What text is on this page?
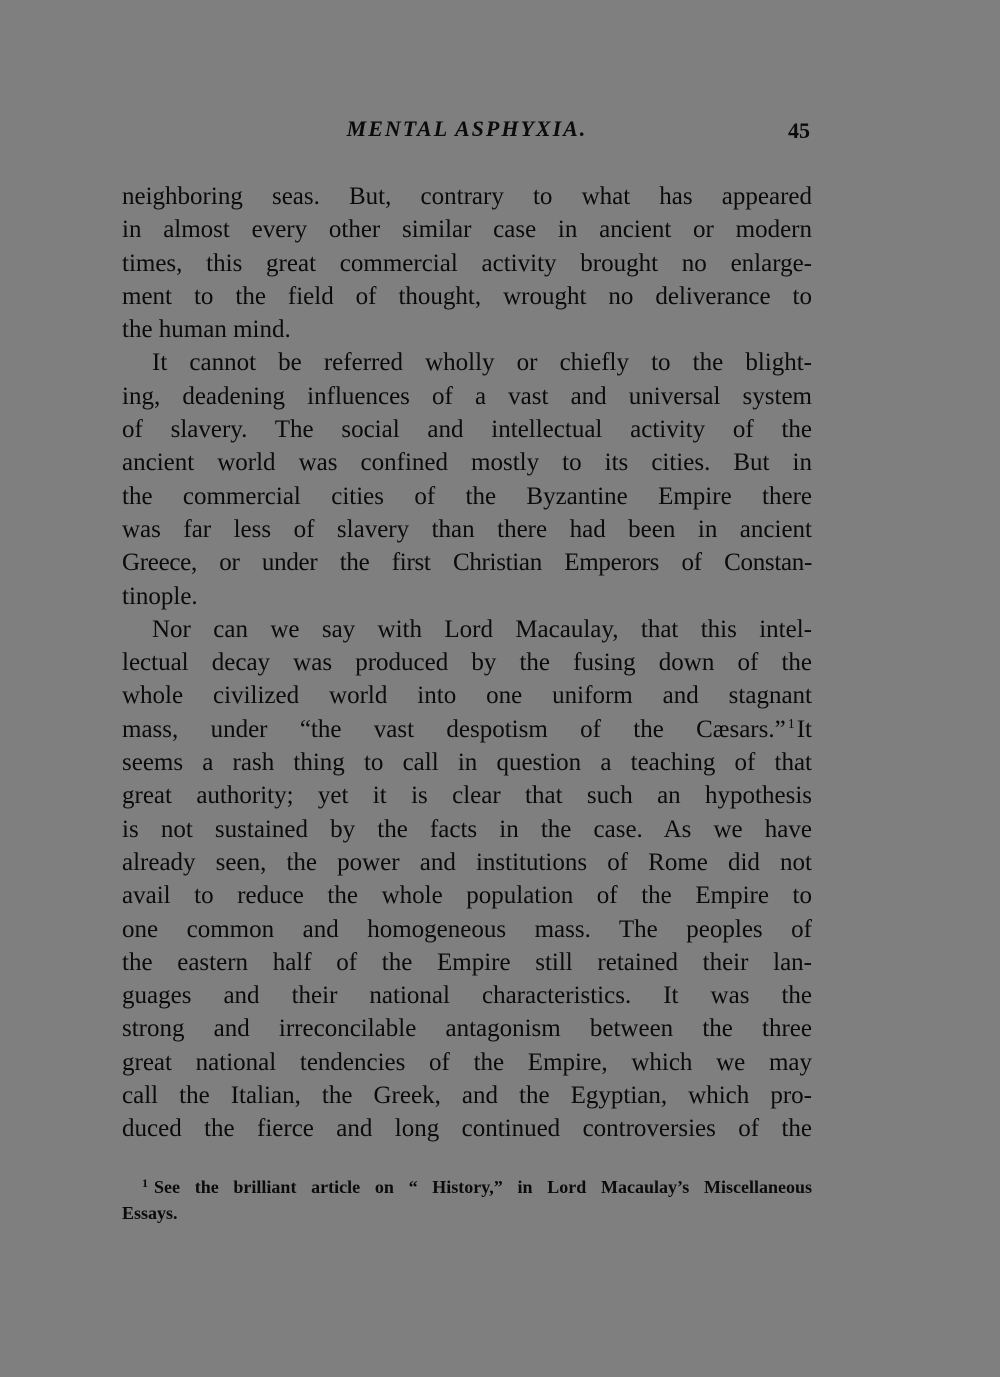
MENTAL ASPHYXIA.	45
neighboring seas. But, contrary to what has appeared
in almost every other similar case in ancient or modern
times, this great commercial activity brought no enlarge-
ment to the field of thought, wrought no deliverance to
the human mind.
It cannot be referred wholly or chiefly to the blight-
ing, deadening influences of a vast and universal system
of slavery. The social and intellectual activity of the
ancient world was confined mostly to its cities. But in
the commercial cities of the Byzantine Empire there
was far less of slavery than there had been in ancient
Greece, or under the first Christian Emperors of Constan-
tinople.
Nor can we say with Lord Macaulay, that this intel-
lectual decay was produced by the fusing down of the
whole civilized world into one uniform and stagnant
mass, under “the vast despotism of the Cæsars.” $^1$It
seems a rash thing to call in question a teaching of that
great authority; yet it is clear that such an hypothesis
is not sustained by the facts in the case. As we have
already seen, the power and institutions of Rome did not
avail to reduce the whole population of the Empire to
one common and homogeneous mass. The peoples of
the eastern half of the Empire still retained their lan-
guages and their national characteristics. It was the
strong and irreconcilable antagonism between the three
great national tendencies of the Empire, which we may
call the Italian, the Greek, and the Egyptian, which pro-
duced the fierce and long continued controversies of the
$^1$ See the brilliant article on “ History,” in Lord Macaulay’s Miscellaneous
Essays.
